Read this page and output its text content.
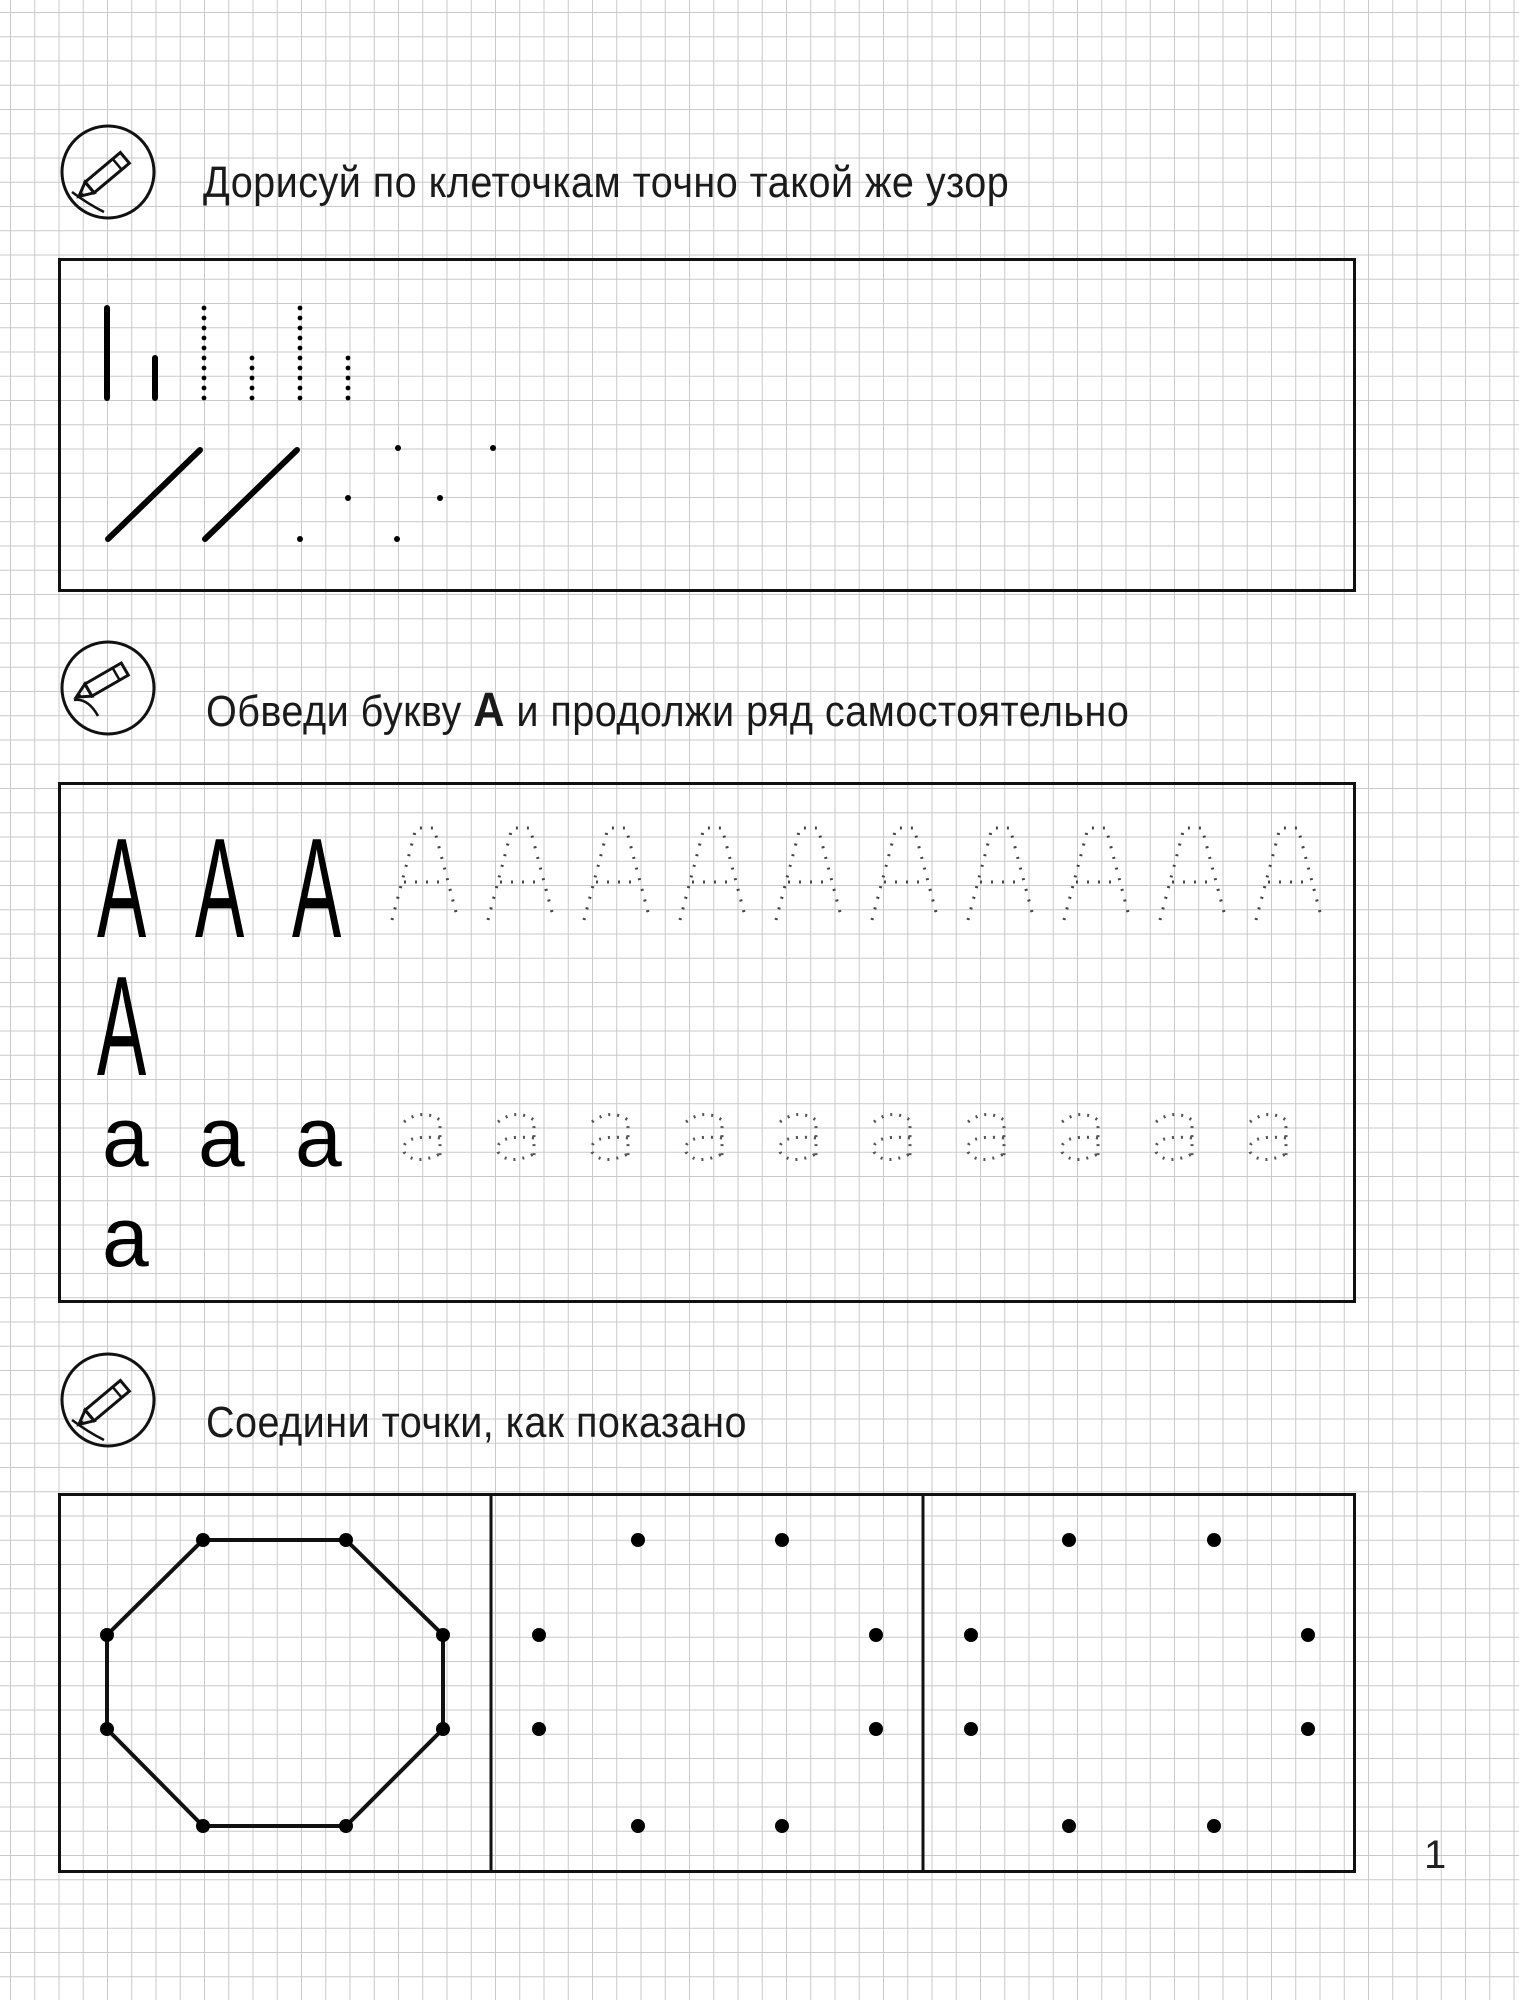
Дорисуй по клеточкам точно такой же узор
Обведи букву А и продолжи ряд самостоятельно
А А А
А
а а а
а
Соедини точки, как показано
1
